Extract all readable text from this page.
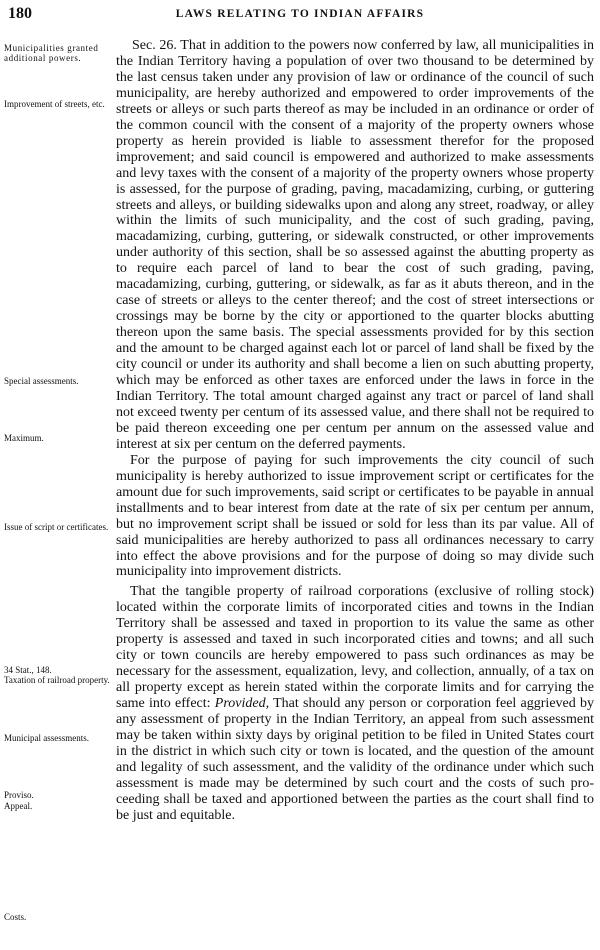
180	LAWS RELATING TO INDIAN AFFAIRS
Municipalities granted additional powers.
Improvement of streets, etc.
Special assessments.
Maximum.
Issue of script or certificates.
34 Stat., 148.
Taxation of railroad property.
Municipal assessments.
Proviso.
Appeal.
Costs.

Sec. 26. That in addition to the powers now conferred by law, all municipalities in the Indian Territory having a population of over two thousand to be determined by the last census taken under any provision of law or ordinance of the council of such municipality, are hereby authorized and empowered to order improvements of the streets or alleys or such parts thereof as may be included in an ordinance or order of the common council with the consent of a majority of the property owners whose property as herein provided is liable to assessment therefor for the proposed improvement; and said council is empowered and authorized to make assessments and levy taxes with the consent of a majority of the property owners whose property is assessed, for the purpose of grading, paving, macadamizing, curbing, or guttering streets and alleys, or building sidewalks upon and along any street, roadway, or alley within the limits of such municipality, and the cost of such grading, paving, macadamizing, curbing, guttering, or sidewalk constructed, or other improvements under authority of this section, shall be so assessed against the abutting property as to require each parcel of land to bear the cost of such grading, paving, macadamizing, curbing, guttering, or sidewalk, as far as it abuts thereon, and in the case of streets or alleys to the center thereof; and the cost of street intersections or crossings may be borne by the city or apportioned to the quarter blocks abutting thereon upon the same basis. The special assessments provided for by this section and the amount to be charged against each lot or parcel of land shall be fixed by the city council or under its authority and shall become a lien on such abutting property, which may be enforced as other taxes are enforced under the laws in force in the Indian Territory. The total amount charged against any tract or parcel of land shall not exceed twenty per centum of its assessed value, and there shall not be required to be paid thereon exceeding one per centum per annum on the assessed value and interest at six per centum on the deferred payments.

For the purpose of paying for such improvements the city council of such municipality is hereby authorized to issue improvement script or certificates for the amount due for such improvements, said script or certificates to be payable in annual installments and to bear interest from date at the rate of six per centum per annum, but no improvement script shall be issued or sold for less than its par value. All of said municipalities are hereby authorized to pass all ordinances necessary to carry into effect the above provisions and for the purpose of doing so may divide such municipality into improvement districts.

That the tangible property of railroad corporations (exclusive of rolling stock) located within the corporate limits of incorporated cities and towns in the Indian Territory shall be assessed and taxed in proportion to its value the same as other property is assessed and taxed in such incorporated cities and towns; and all such city or town councils are hereby empowered to pass such ordinances as may be necessary for the assessment, equalization, levy, and collection, annually, of a tax on all property except as herein stated within the corporate limits and for carrying the same into effect: Provided, That should any person or corporation feel aggrieved by any assessment of property in the Indian Territory, an appeal from such assessment may be taken within sixty days by original petition to be filed in United States court in the district in which such city or town is located, and the question of the amount and legality of such assessment, and the validity of the ordinance under which such assessment is made may be determined by such court and the costs of such proceeding shall be taxed and apportioned between the parties as the court shall find to be just and equitable.
